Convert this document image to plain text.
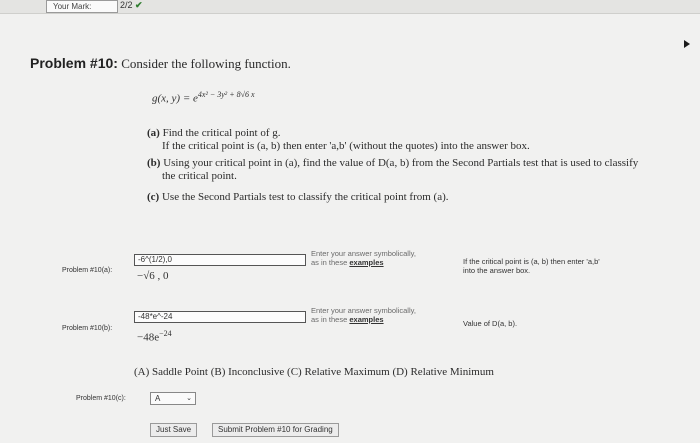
Your Mark:	2/2 ✔
Problem #10: Consider the following function.
g(x, $y) = e^{4x^2 - 3y^2 + 8√6 x}$
(a) Find the critical point of g.
If the critical point is (a, b) then enter 'a,b' (without the quotes) into the answer box.
(b) Using your critical point in (a), find the value of D(a, b) from the Second Partials test that is used to classify
the critical point.
(c) Use the Second Partials test to classify the critical point from (a).
Problem #10(a):
-6^(1/2),0
−√6 , 0
Enter your answer symbolically,
as in these examples	If the critical point is (a, b) then enter 'a,b' into the answer box.
Problem #10(b):
-48*e^-24
$-48e^{-24}$
Enter your answer symbolically,
as in these examples	Value of D(a, b).
(A) Saddle Point (B) Inconclusive (C) Relative Maximum (D) Relative Minimum
Problem #10(c):	A	⌄
Just Save	Submit Problem #10 for Grading
